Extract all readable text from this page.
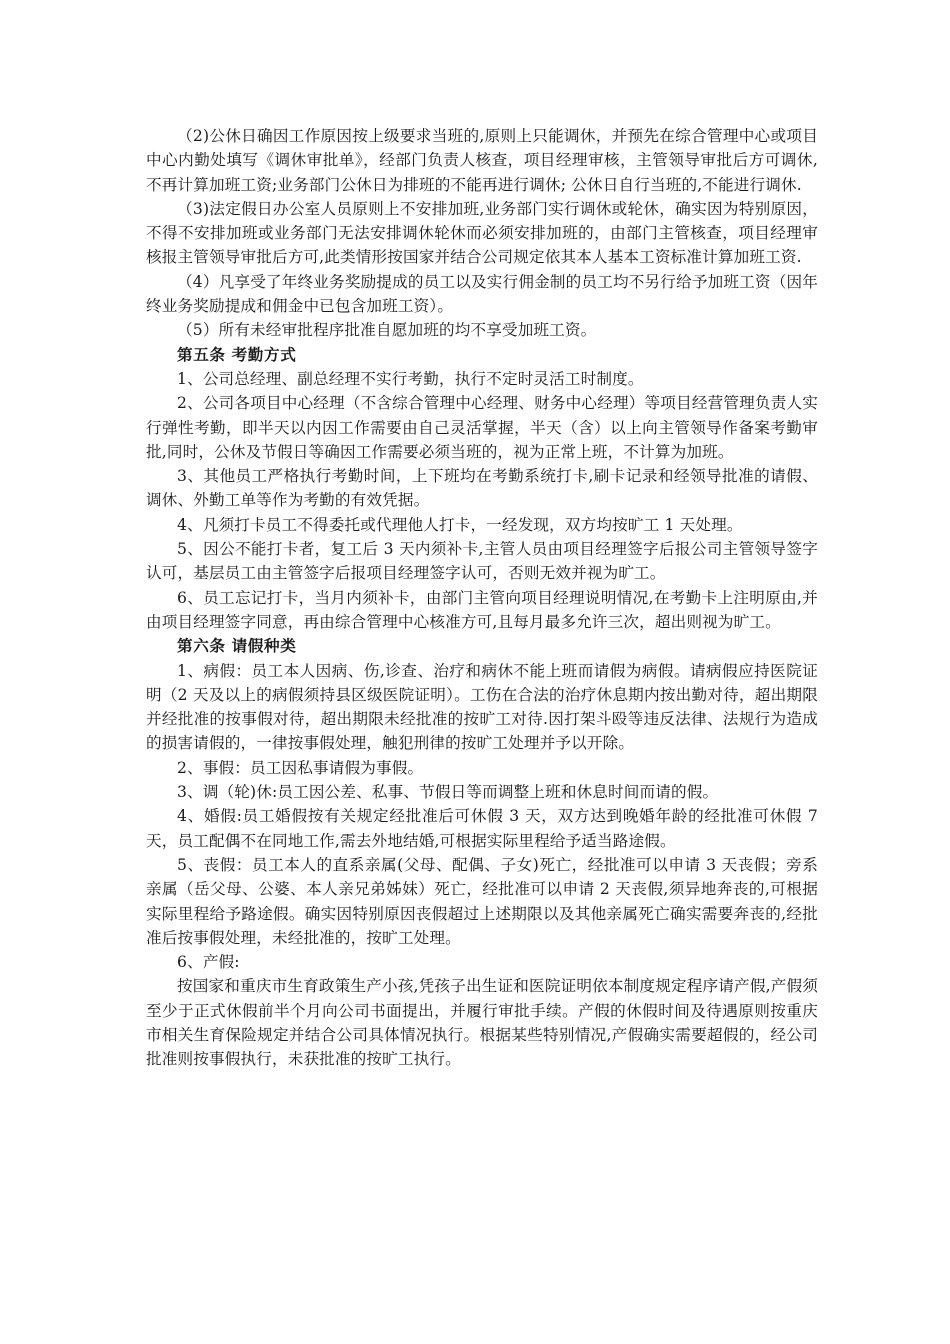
（2)公休日确因工作原因按上级要求当班的,原则上只能调休，并预先在综合管理中心或项目中心内勤处填写《调休审批单》，经部门负责人核查，项目经理审核，主管领导审批后方可调休,不再计算加班工资;业务部门公休日为排班的不能再进行调休; 公休日自行当班的,不能进行调休.

（3)法定假日办公室人员原则上不安排加班,业务部门实行调休或轮休，确实因为特别原因，不得不安排加班或业务部门无法安排调休轮休而必须安排加班的，由部门主管核查，项目经理审核报主管领导审批后方可,此类情形按国家并结合公司规定依其本人基本工资标准计算加班工资.

（4）凡享受了年终业务奖励提成的员工以及实行佣金制的员工均不另行给予加班工资（因年终业务奖励提成和佣金中已包含加班工资）。

（5）所有未经审批程序批准自愿加班的均不享受加班工资。

第五条 考勤方式

1、公司总经理、副总经理不实行考勤，执行不定时灵活工时制度。

2、公司各项目中心经理（不含综合管理中心经理、财务中心经理）等项目经营管理负责人实行弹性考勤，即半天以内因工作需要由自己灵活掌握，半天（含）以上向主管领导作备案考勤审批,同时，公休及节假日等确因工作需要必须当班的，视为正常上班，不计算为加班。

3、其他员工严格执行考勤时间，上下班均在考勤系统打卡,刷卡记录和经领导批准的请假、调休、外勤工单等作为考勤的有效凭据。

4、凡须打卡员工不得委托或代理他人打卡，一经发现，双方均按旷工 1 天处理。

5、因公不能打卡者，复工后 3 天内须补卡,主管人员由项目经理签字后报公司主管领导签字认可，基层员工由主管签字后报项目经理签字认可，否则无效并视为旷工。

6、员工忘记打卡，当月内须补卡，由部门主管向项目经理说明情况,在考勤卡上注明原由,并由项目经理签字同意，再由综合管理中心核准方可,且每月最多允许三次，超出则视为旷工。

第六条 请假种类

1、病假：员工本人因病、伤,诊查、治疗和病休不能上班而请假为病假。请病假应持医院证明（2 天及以上的病假须持县区级医院证明）。工伤在合法的治疗休息期内按出勤对待，超出期限并经批准的按事假对待，超出期限未经批准的按旷工对待.因打架斗殴等违反法律、法规行为造成的损害请假的，一律按事假处理，触犯刑律的按旷工处理并予以开除。

2、事假：员工因私事请假为事假。

3、调（轮)休:员工因公差、私事、节假日等而调整上班和休息时间而请的假。

4、婚假:员工婚假按有关规定经批准后可休假 3 天，双方达到晚婚年龄的经批准可休假 7 天，员工配偶不在同地工作,需去外地结婚,可根据实际里程给予适当路途假。

5、丧假：员工本人的直系亲属(父母、配偶、子女)死亡，经批准可以申请 3 天丧假；旁系亲属（岳父母、公婆、本人亲兄弟姊妹）死亡，经批准可以申请 2 天丧假,须异地奔丧的,可根据实际里程给予路途假。确实因特别原因丧假超过上述期限以及其他亲属死亡确实需要奔丧的,经批准后按事假处理，未经批准的，按旷工处理。

6、产假:

按国家和重庆市生育政策生产小孩,凭孩子出生证和医院证明依本制度规定程序请产假,产假须至少于正式休假前半个月向公司书面提出，并履行审批手续。产假的休假时间及待遇原则按重庆市相关生育保险规定并结合公司具体情况执行。根据某些特别情况,产假确实需要超假的，经公司批准则按事假执行，未获批准的按旷工执行。
